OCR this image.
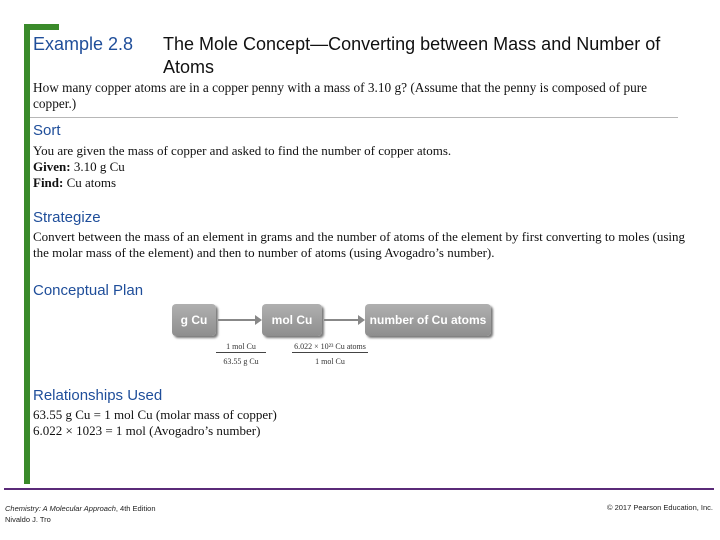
Example 2.8 The Mole Concept—Converting between Mass and Number of Atoms
How many copper atoms are in a copper penny with a mass of 3.10 g? (Assume that the penny is composed of pure copper.)
Sort
You are given the mass of copper and asked to find the number of copper atoms.
Given: 3.10 g Cu
Find: Cu atoms
Strategize
Convert between the mass of an element in grams and the number of atoms of the element by first converting to moles (using the molar mass of the element) and then to number of atoms (using Avogadro’s number).
Conceptual Plan
g Cu	mol Cu	number of Cu atoms
1 mol Cu
63.55 g Cu
6.022 × 10²³ Cu atoms
1 mol Cu
Relationships Used
63.55 g Cu = 1 mol Cu (molar mass of copper)
6.022 × 1023 = 1 mol (Avogadro’s number)
Chemistry: A Molecular Approach, 4th Edition
Nivaldo J. Tro
© 2017 Pearson Education, Inc.
